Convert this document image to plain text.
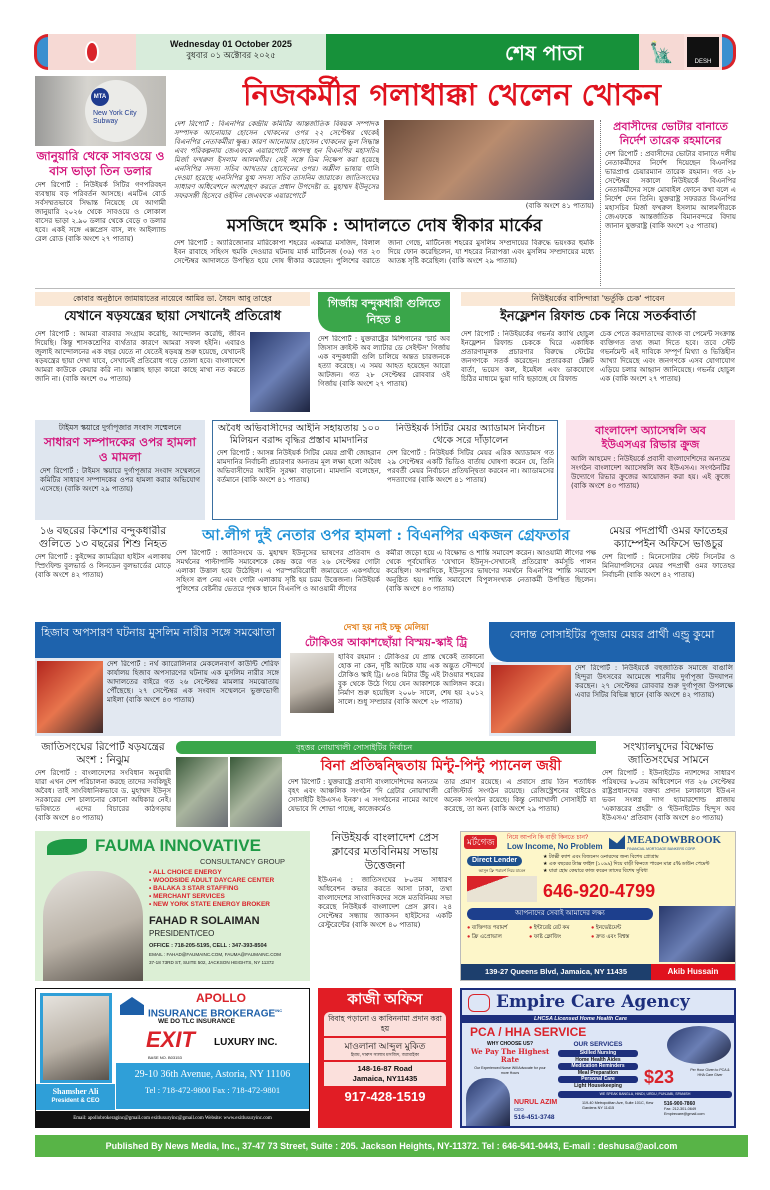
Wednesday 01 October 2025
বুধবার ০১ অক্টোবর ২০২৫	শেষ পাতা	🗽	DESH
MTA
New York City Subway
জানুয়ারি থেকে সাবওয়ে ও বাস ভাড়া তিন ডলার
দেশ রিপোর্ট : নিউইয়র্ক সিটির গণপরিবহন ব্যবস্থায় বড় পরিবর্তন আসছে। এমটিএ বোর্ড সর্বসম্মতভাবে সিদ্ধান্ত নিয়েছে যে আগামী জানুয়ারি ২০২৬ থেকে সাবওয়ে ও লোকাল বাসের ভাড়া ২.৯০ ডলার থেকে বেড়ে ৩ ডলার হবে। একই সঙ্গে এক্সপ্রেস বাস, লং আইল্যান্ড রেল রোড (বাকি অংশে ২৭ পাতায়)
নিজকর্মীর গলাধাক্কা খেলেন খোকন
দেশ রিপোর্ট : বিএনপির কেন্দ্রীয় কমিটির আন্তর্জাতিক বিষয়ক সম্পাদক সম্পাদক আনোয়ার হোসেন খোকনের ওপর ২২ সেপ্টেম্বর থেকেই বিএনপির নেতাকর্মীরা ক্ষুব্ধ। কারণ আনোয়ার হোসেন খোকনের ভুল সিদ্ধান্ত এবং পরিকল্পনায় জেএফকে এয়ারপোর্টে অপদস্থ হন বিএনপির মহাসচিব মির্জা ফখরুল ইসলাম আলমগীর। সেই সঙ্গে ডিম নিক্ষেপ করা হয়েছে এনসিপির সদস্য সচিব আখতার হোসেনের ওপর। অশ্লীল ভাষায় গালি দেওয়া হয়েছে এনসিপির যুগ্ম সদস্য সচিব তাসনিম জারাকে। জাতিসংঘের সাধারণ অধিবেশনে অংশগ্রহণ করতে প্রধান উপদেষ্টা ড. মুহাম্মদ ইউনূসের সফরসঙ্গী হিসেবে ওইদিন জেএফকে এয়ারপোর্টে
(বাকি অংশে ৪১ পাতায়)
প্রবাসীদের ভোটার বানাতে নির্দেশ তারেক রহমানের
দেশ রিপোর্ট : প্রবাসীদের ভোটার বানাতে দলীয় নেতাকর্মীদের নির্দেশ দিয়েছেন বিএনপির ভারপ্রাপ্ত চেয়ারম্যান তারেক রহমান। গত ২৮ সেপ্টেম্বর সকালে নিউইয়র্কে বিএনপির নেতাকর্মীদের সঙ্গে মোবাইল ফোনে কথা বলে এ নির্দেশ দেন তিনি। যুক্তরাষ্ট্র সফররত বিএনপির মহাসচিব মির্জা ফখরুল ইসলাম আলমগীরকে জেএফকে আন্তর্জাতিক বিমানবন্দরে বিদায় জানান যুক্তরাষ্ট্র (বাকি অংশে ২৫ পাতায়)
মসজিদে হুমকি : আদালতে দোষ স্বীকার মার্কের
দেশ রিপোর্ট : অ্যারিজোনার মারিকোপা শহরের একমাত্র মসজিদ, বিলাল ইবন রাবাহে সহিংস হুমকি দেওয়ার ঘটনায় মার্ক মার্টিনেজ (৩৬) গত ২৩ সেপ্টেম্বর আদালতে উপস্থিত হয়ে দোষ স্বীকার করেছেন। পুলিশের বরাতে জানা গেছে, মার্টিনেজ শহরের মুসলিম সম্প্রদায়ের বিরুদ্ধে ভয়ংকর হুমকি দিয়ে ফোন করেছিলেন, যা শহরের নিরাপত্তা এবং মুসলিম সম্প্রদায়ের মধ্যে আতঙ্ক সৃষ্টি করেছিল। (বাকি অংশে ২৯ পাতায়)
কোবার অনুষ্ঠানে জামায়াতের নায়েবে আমির ডা. সৈয়দ আবু তাহের
যেখানে ষড়যন্ত্রের ছায়া সেখানেই প্রতিরোধ
দেশ রিপোর্ট : আমরা বারবার সংগ্রাম করেছি, আন্দোলন করেছি, জীবন দিয়েছি। কিন্তু শাসকশ্রেণির ব্যর্থতার কারণে আমরা সফল হইনি। এবারও জুলাই আন্দোলনের এক বছর যেতে না যেতেই ষড়যন্ত্র শুরু হয়েছে, যেখানেই ষড়যন্ত্রের ছায়া দেখা যাবে, সেখানেই প্রতিরোধ গড়ে তোলা হবে। বাংলাদেশে আমরা কাউকে কেয়ার করি না। আল্লাহ ছাড়া কারো কাছে মাথা নত করতে জানি না। (বাকি অংশে ৩০ পাতায়)
গির্জায় বন্দুকধারী গুলিতে নিহত ৪
দেশ রিপোর্ট : যুক্তরাষ্ট্রের মিশিগানের 'চার্চ অব জিসাস ক্রাইস্ট অব ল্যাটার ডে সেইন্টস' গির্জায় এক বন্দুকধারী গুলি চালিয়ে অন্তত চারজনকে হত্যা করেছে। এ সময় আহত হয়েছেন আরো আটজন। গত ২৮ সেপ্টেম্বর রোববার ওই গির্জায় (বাকি অংশে ২৭ পাতায়)
নিউইয়র্কের বাসিন্দারা 'ভর্তুকি চেক' পাবেন
ইনফ্লেশন রিফান্ড চেক নিয়ে সতর্কবার্তা
দেশ রিপোর্ট : নিউইয়র্কের গভর্নর ক্যাথি হোচুল ইনফ্লেশন রিফান্ড চেককে ঘিরে একাধিক প্রতারণামূলক প্রচারণার বিরুদ্ধে স্টেটের জনগণকে সতর্ক করেছেন। প্রতারকরা টেক্সট বার্তা, ভয়েস কল, ইমেইল এবং ডাকযোগে চিঠির মাধ্যমে ভুয়া দাবি ছড়াচ্ছে যে রিফান্ড
চেক পেতে করদাতাদের ব্যাংক বা পেমেন্ট সংক্রান্ত ব্যক্তিগত তথ্য জমা দিতে হবে। তবে স্টেট গভর্নমেন্ট এই দাবিকে সম্পূর্ণ মিথ্যা ও ভিত্তিহীন আখ্যা দিয়েছে এবং জনগণকে এসব যোগাযোগ এড়িয়ে চলার আহ্বান জানিয়েছে। গভর্নর হোচুল এক (বাকি অংশে ২৭ পাতায়)
টাইমস স্কয়ারে দুর্গাপূজার সংবাদ সম্মেলনে
সাধারণ সম্পাদকের ওপর হামলা ও মামলা
দেশ রিপোর্ট : টাইমস স্কয়ারে দুর্গাপূজার সংবাদ সম্মেলনে কমিটির সাধারণ সম্পাদকের ওপর হামলা করার অভিযোগ এসেছে। (বাকি অংশে ২৯ পাতায়)
অবৈধ অভিবাসীদের আইনি সহায়তায় ১০০ মিলিয়ন বরাদ্দ বৃদ্ধির প্রস্তাব মামদানির
দেশ রিপোর্ট : আসন্ন নিউইয়র্ক সিটির মেয়র প্রার্থী জোহরান মামদানির নির্বাচনী প্রচারণার অন্যতম মূল লক্ষ্য হলো অবৈধ অভিবাসীদের আইনি সুরক্ষা বাড়ানো। মামদানি বলেছেন, বর্তমানে (বাকি অংশে ৪১ পাতায়)
নিউইয়র্ক সিটির মেয়র অ্যাডামস নির্বাচন থেকে সরে দাঁড়ালেন
দেশ রিপোর্ট : নিউইয়র্ক সিটির মেয়র এরিক অ্যাডামস গত ২৯ সেপ্টেম্বর একটি ভিডিও বার্তায় ঘোষণা করেন যে, তিনি পরবর্তী মেয়র নির্বাচনে প্রতিদ্বন্দ্বিতা করবেন না। অ্যাডামসের পদত্যাগের (বাকি অংশে ৪১ পাতায়)
বাংলাদেশ অ্যাসেম্বলি অব ইউএসএর রিভার ক্রুজ
আলি আহমেদ : নিউইয়র্কে প্রবাসী বাংলাদেশিদের অন্যতম সংগঠন বাংলাদেশ অ্যাসেম্বলি অব ইউএসএ। সংগঠনটির উদ্যোগে রিভার ক্রুজের আয়োজন করা হয়। এই ক্রুজে (বাকি অংশে ৪৩ পাতায়)
১৬ বছরের কিশোর বন্দুকধারীর গুলিতে ১৩ বছরের শিশু নিহত
দেশ রিপোর্ট : কুইন্সের ক্যামব্রিয়া হাইটস এলাকায় স্প্রিংফিল্ড বুলভার্ড ও লিনডেন বুলভার্ডের মোড়ে (বাকি অংশে ৪২ পাতায়)
আ.লীগ দুই নেতার ওপর হামলা : বিএনপির একজন গ্রেফতার
দেশ রিপোর্ট : জাতিসংঘে ড. মুহাম্মদ ইউনূসের ভাষণের প্রতিবাদ ও সমর্থনের পাল্টাপাল্টি সমাবেশকে কেন্দ্র করে গত ২৬ সেপ্টেম্বর গোটা এলাকা উত্তাল হয়ে উঠেছিল। এ পরস্পরবিরোধী জমায়েতে একপর্যায়ে সহিংস রূপ নেয় এবং গোটা এলাকায় সৃষ্টি হয় চরম উত্তেজনা। নিউইয়র্ক পুলিশের বেষ্টনীর ভেতরে পৃথক স্থানে বিএনপি ও আওয়ামী লীগের
কর্মীরা জড়ো হয়ে এ বিক্ষোভ ও শান্তি সমাবেশ করেন। আওয়ামী লীগের পক্ষ থেকে পূর্বঘোষিত 'যেখানে ইউনূস-সেখানেই প্রতিরোধ' কর্মসূচি পালন করেছিল। অপরদিকে, ইউনূসের ভাষণের সমর্থনে বিএনপির 'শান্তি সমাবেশ অনুষ্ঠিত হয়। শান্তি সমাবেশে বিপুলসংখ্যক নেতাকর্মী উপস্থিত ছিলেন। (বাকি অংশে ৪৩ পাতায়)
মেয়র পদপ্রার্থী ওমর ফাতেহর ক্যাম্পেইন অফিসে ভাঙচুর
দেশ রিপোর্ট : মিনেসোটার স্টেট সিনেটর ও মিনিয়াপলিসের মেয়র পদপ্রার্থী ওমর ফাতেহর নির্বাচনী (বাকি অংশে ৪২ পাতায়)
হিজাব অপসারণ ঘটনায় মুসলিম নারীর সঙ্গে সমঝোতা
দেশ রিপোর্ট : নর্থ ক্যারোলিনার মেকলেনবার্গ কাউন্টি শেরিফ কার্যালয় হিজাব অপসারণের ঘটনায় এক মুসলিম নারীর সঙ্গে আদালতের বাইরে গত ২৬ সেপ্টেম্বর মামলার সমঝোতায় পৌঁছেছে। ২৭ সেপ্টেম্বর এক সংবাদ সম্মেলনে ভুক্তভোগী মাইলা (বাকি অংশে ৪৩ পাতায়)
দেখা হয় নাই চক্ষু মেলিয়া
টোকিওর আকাশছোঁয়া বিস্ময়-স্কাই ট্রি
হাবিব রহমান : টোকিওর যে প্রান্ত থেকেই তাকানো হোক না কেন, দৃষ্টি আটকে যায় এক অদ্ভুত সৌন্দর্যে টোকিও স্কাই ট্রি। ৬৩৪ মিটার উঁচু এই টাওয়ার শহরের বুক থেকে উঠে গিয়ে যেন আকাশকে আলিঙ্গন করে। নির্মাণ শুরু হয়েছিল ২০০৮ সালে, শেষ হয় ২০১২ সালে। শুধু সম্প্রচার (বাকি অংশে ২৮ পাতায়)
বেদান্ত সোসাইটির পূজায় মেয়র প্রার্থী এন্ড্রু কুমো
দেশ রিপোর্ট : নিউইয়র্কে বহুজাতিক সমাজে বাঙালি হিন্দুরা উৎসবের আমেজে শারদীয় দুর্গাপূজা উদযাপন করছেন। ২৭ সেপ্টেম্বর রোববার শুরু দুর্গাপূজা উপলক্ষে এবার সিটির বিভিন্ন স্থানে (বাকি অংশে ৪২ পাতায়)
জাতিসংঘের রিপোর্ট ষড়যন্ত্রের অংশ : নিঝুম
দেশ রিপোর্ট : বাংলাদেশের সংবিধান অনুযায়ী যারা এখন দেশ পরিচালনা করছে তাদের সবকিছুই অবৈধ। তাই সাংবিধানিকভাবে ড. মুহাম্মদ ইউনূস সরকারের দেশ চালানোর কোনো অধিকার নেই। ভবিষ্যতে এদের বিচারের কাঠগড়ায় (বাকি অংশে ৪৩ পাতায়)
বৃহত্তর নোয়াখালী সোসাইটির নির্বাচন
বিনা প্রতিদ্বন্দ্বিতায় মিন্টু-পিন্টু প্যানেল জয়ী
দেশ রিপোর্ট : যুক্তরাষ্ট্রে প্রবাসী বাংলাদেশিদের অন্যতম বৃহৎ এবং আঞ্চলিক সংগঠন 'দি গ্রেটার নোয়াখালী সোসাইটি ইউএসএ ইনক'। এ সংগঠনের নামের আগে যেভাবে দি শোভা পাচ্ছে, কাজেকর্মেও
তার প্রমাণ রয়েছে। এ প্রবাসে প্রায় তিন শতাধিক রেজিস্টার্ড সংগঠন রয়েছে। রেজিস্ট্রেশনের বাইরেও অনেক সংগঠন রয়েছে। কিন্তু নোয়াখালী সোসাইটি যা করেছে, তা অন্য (বাকি অংশে ২৯ পাতায়)
সংখ্যালঘুদের বিক্ষোভ জাতিসংঘের সামনে
দেশ রিপোর্ট : ইউনাইটেড ন্যাশন্সের সাধারণ পরিষদের ৮০তম অধিবেশনে গত ২৬ সেপ্টেম্বর রাষ্ট্রপ্রধানদের বক্তব্য প্রদান চলাকালে ইউএন ভবন সংলগ্ন দ্যাগ হ্যামারশোল্ড প্লাজায় 'একাত্তরের প্রহরী' ও 'ইউনাইটেড হিন্দুস অব ইউএসএ' প্রতিবাদ (বাকি অংশে ৪৩ পাতায়)
FAUMA INNOVATIVE
CONSULTANCY GROUP
• ALL CHOICE ENERGY
• WOODSIDE ADULT DAYCARE CENTER
• BALAKA 3 STAR STAFFING
• MERCHANT SERVICES
• NEW YORK STATE ENERGY BROKER
FAHAD R SOLAIMAN
PRESIDENT/CEO
OFFICE : 718-205-5195, CELL : 347-393-8504
EMAIL : FAHAD@FAUMAINC.COM, FAUMA@FAUMAINC.COM
37-18 73RD ST, SUITE 502, JACKSON HEIGHTS, NY 11372
নিউইয়র্ক বাংলাদেশ প্রেস ক্লাবের মতবিনিময় সভায় উত্তেজনা
ইউএনএ : জাতিসংঘের ৮০তম সাধারণ অধিবেশন কভার করতে আসা ঢাকা, তথা বাংলাদেশের সাংবাদিকদের সঙ্গে মতবিনিময় সভা করেছে নিউইয়র্ক বাংলাদেশ প্রেস ক্লাব। ২৪ সেপ্টেম্বর সন্ধ্যায় জ্যাকসন হাইটসের একটি রেস্টুরেন্টের (বাকি অংশে ৪০ পাতায়)
মর্টগেজ	নিয়ে আপনি কি বাড়ী কিনতে চান?
Low Income, No Problem
MEADOWBROOK
FINANCIAL MORTGAGE BANKERS CORP.
Direct Lender
আসুন ফ্রি পরামর্শ নিয়ে যাবেন
★ ট্যাক্সী ক্যাশ এবং বিজনেস ওনারদের জন্য বিশেষ প্রোগ্রাম
★ এক বছরের ট্যাক্স ফাইল (১০৯৯) দিয়ে বাড়ী কিনতে পারেন মাত্র ৫% ডাউন পেমেন্ট
★ যারা হোম কেয়ারে কাজ করেন তাদের বিশেষ সুবিধা
646-920-4799
আপনাদের সেবাই আমাদের লক্ষ্য
● ব্যক্তিগত পরামর্শ	● ইন্টারেষ্ট রেট কম	● ইনভেষ্টমেন্ট
● ফ্রি এপ্রোভাল	● ফাষ্ট ক্লোজিং	● দ্রুত এবং বিশ্বস্ত
139-27 Queens Blvd, Jamaica, NY 11435	Akib Hussain
Shamsher Ali
President & CEO
APOLLO
INSURANCE $BROKERAGE^{INC}$
WE DO TLC INSURANCE
EXIT LUXURY INC.
BASE NO. B03153
29-10 36th Avenue, Astoria, NY 11106
Tel : 718-472-9800 Fax : 718-472-9801
Email: apollobrokeraginc@gmail.com exitluxuryinc@gmail.com Website: www.exitluxuryinc.com
কাজী অফিস
বিবাহ পড়ানো ও কাবিননামা প্রদান করা হয়
মাওলানা আব্দুল মুকিত
ইমাম, দারুস সালাম মসজিদ, জ্যামাইকা
148-16-87 Road
Jamaica, NY11435
917-428-1519
Empire Care Agency
LHCSA Licensed Home Health Care
PCA / HHA SERVICE
WHY CHOOSE US?
We Pay The Highest Rate
Our Experienced Nurse Will Advocate for your more Hours
NURUL AZIM
CEO
516-451-3748
OUR SERVICES
Skilled Nursing
Home Health Aides
Medication Reminders
Meal Preparation
Personal Care
Light Housekeeping	$23	Per Hour Given to PCA & HHA Care Giver
WE SPEAK BANGLA, HINDI, URDU, PUNJABI, SPANISH
119-40 Metropolitan Ave, Suite 101C, Kew Gardens NY 11415
516-900-7860
Fax: 212-301-0649
Empirecare@gmail.com
Published By News Media, Inc., 37-47 73 Street, Suite : 205. Jackson Heights, NY-11372. Tel : 646-541-0443, E-mail : deshusa@aol.com
